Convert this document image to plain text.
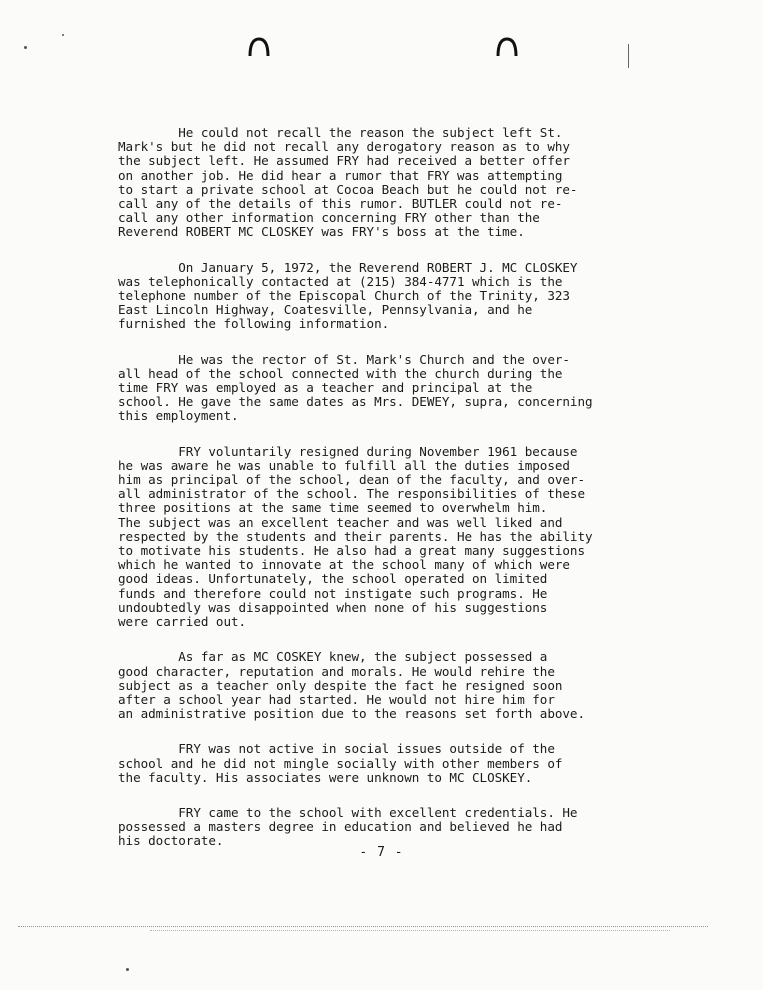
He could not recall the reason the subject left St.
Mark's but he did not recall any derogatory reason as to why
the subject left. He assumed FRY had received a better offer
on another job. He did hear a rumor that FRY was attempting
to start a private school at Cocoa Beach but he could not re-
call any of the details of this rumor. BUTLER could not re-
call any other information concerning FRY other than the
Reverend ROBERT MC CLOSKEY was FRY's boss at the time.
On January 5, 1972, the Reverend ROBERT J. MC CLOSKEY
was telephonically contacted at (215) 384-4771 which is the
telephone number of the Episcopal Church of the Trinity, 323
East Lincoln Highway, Coatesville, Pennsylvania, and he
furnished the following information.
He was the rector of St. Mark's Church and the over-
all head of the school connected with the church during the
time FRY was employed as a teacher and principal at the
school. He gave the same dates as Mrs. DEWEY, supra, concerning
this employment.
FRY voluntarily resigned during November 1961 because
he was aware he was unable to fulfill all the duties imposed
him as principal of the school, dean of the faculty, and over-
all administrator of the school. The responsibilities of these
three positions at the same time seemed to overwhelm him.
The subject was an excellent teacher and was well liked and
respected by the students and their parents. He has the ability
to motivate his students. He also had a great many suggestions
which he wanted to innovate at the school many of which were
good ideas. Unfortunately, the school operated on limited
funds and therefore could not instigate such programs. He
undoubtedly was disappointed when none of his suggestions
were carried out.
As far as MC COSKEY knew, the subject possessed a
good character, reputation and morals. He would rehire the
subject as a teacher only despite the fact he resigned soon
after a school year had started. He would not hire him for
an administrative position due to the reasons set forth above.
FRY was not active in social issues outside of the
school and he did not mingle socially with other members of
the faculty. His associates were unknown to MC CLOSKEY.
FRY came to the school with excellent credentials. He
possessed a masters degree in education and believed he had
his doctorate.
- 7 -
